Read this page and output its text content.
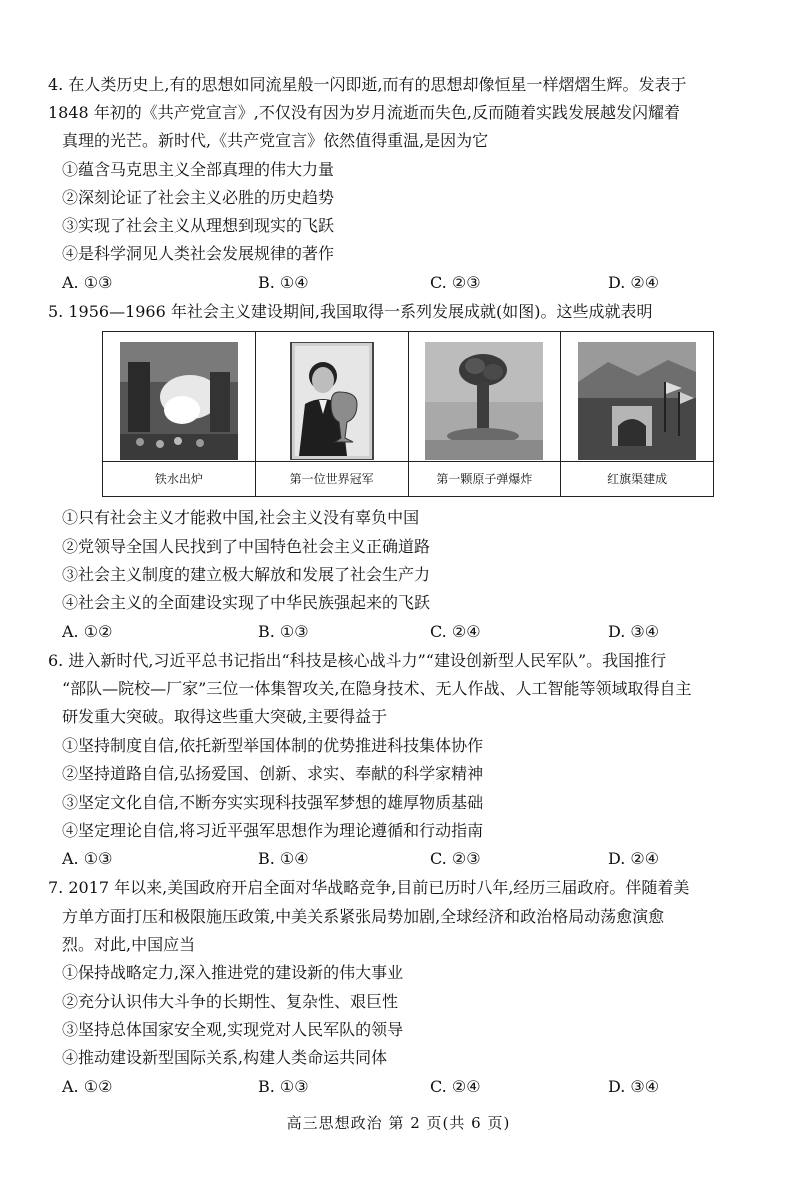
4. 在人类历史上,有的思想如同流星般一闪即逝,而有的思想却像恒星一样熠熠生辉。发表于
1848 年初的《共产党宣言》,不仅没有因为岁月流逝而失色,反而随着实践发展越发闪耀着
真理的光芒。新时代,《共产党宣言》依然值得重温,是因为它
①蕴含马克思主义全部真理的伟大力量
②深刻论证了社会主义必胜的历史趋势
③实现了社会主义从理想到现实的飞跃
④是科学洞见人类社会发展规律的著作
A. ①③	B. ①④	C. ②③	D. ②④
5. 1956—1966 年社会主义建设期间,我国取得一系列发展成就(如图)。这些成就表明
铁水出炉	第一位世界冠军	第一颗原子弹爆炸	红旗渠建成
①只有社会主义才能救中国,社会主义没有辜负中国
②党领导全国人民找到了中国特色社会主义正确道路
③社会主义制度的建立极大解放和发展了社会生产力
④社会主义的全面建设实现了中华民族强起来的飞跃
A. ①②	B. ①③	C. ②④	D. ③④
6. 进入新时代,习近平总书记指出“科技是核心战斗力”“建设创新型人民军队”。我国推行
“部队—院校—厂家”三位一体集智攻关,在隐身技术、无人作战、人工智能等领域取得自主
研发重大突破。取得这些重大突破,主要得益于
①坚持制度自信,依托新型举国体制的优势推进科技集体协作
②坚持道路自信,弘扬爱国、创新、求实、奉献的科学家精神
③坚定文化自信,不断夯实实现科技强军梦想的雄厚物质基础
④坚定理论自信,将习近平强军思想作为理论遵循和行动指南
A. ①③	B. ①④	C. ②③	D. ②④
7. 2017 年以来,美国政府开启全面对华战略竞争,目前已历时八年,经历三届政府。伴随着美
方单方面打压和极限施压政策,中美关系紧张局势加剧,全球经济和政治格局动荡愈演愈
烈。对此,中国应当
①保持战略定力,深入推进党的建设新的伟大事业
②充分认识伟大斗争的长期性、复杂性、艰巨性
③坚持总体国家安全观,实现党对人民军队的领导
④推动建设新型国际关系,构建人类命运共同体
A. ①②	B. ①③	C. ②④	D. ③④
高三思想政治 第 2 页(共 6 页)
